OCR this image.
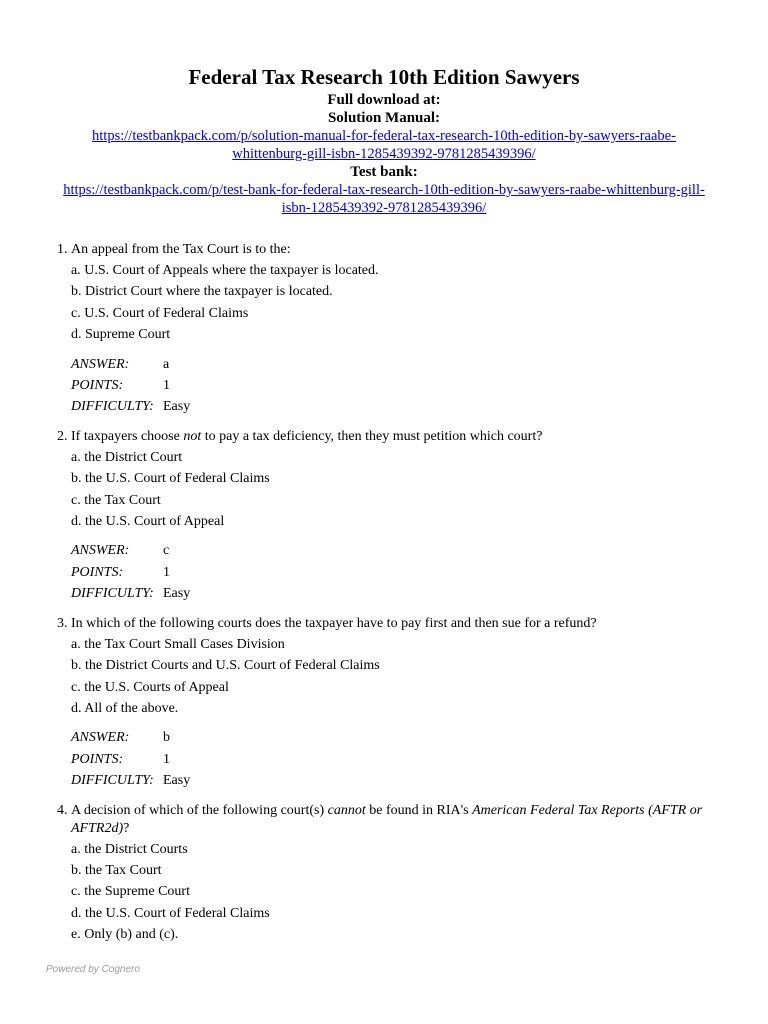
Federal Tax Research 10th Edition Sawyers
Full download at:
Solution Manual:
https://testbankpack.com/p/solution-manual-for-federal-tax-research-10th-edition-by-sawyers-raabe-
whittenburg-gill-isbn-1285439392-9781285439396/
Test bank:
https://testbankpack.com/p/test-bank-for-federal-tax-research-10th-edition-by-sawyers-raabe-whittenburg-gill-
isbn-1285439392-9781285439396/
1. An appeal from the Tax Court is to the:
a. U.S. Court of Appeals where the taxpayer is located.
b. District Court where the taxpayer is located.
c. U.S. Court of Federal Claims
d. Supreme Court
ANSWER:	a
POINTS:	1
DIFFICULTY: Easy
2. If taxpayers choose not to pay a tax deficiency, then they must petition which court?
a. the District Court
b. the U.S. Court of Federal Claims
c. the Tax Court
d. the U.S. Court of Appeal
ANSWER:	c
POINTS:	1
DIFFICULTY: Easy
3. In which of the following courts does the taxpayer have to pay first and then sue for a refund?
a. the Tax Court Small Cases Division
b. the District Courts and U.S. Court of Federal Claims
c. the U.S. Courts of Appeal
d. All of the above.
ANSWER:	b
POINTS:	1
DIFFICULTY: Easy
4. A decision of which of the following court(s) cannot be found in RIA's American Federal Tax Reports (AFTR or AFTR2d)?
a. the District Courts
b. the Tax Court
c. the Supreme Court
d. the U.S. Court of Federal Claims
e. Only (b) and (c).
Powered by Cognero
